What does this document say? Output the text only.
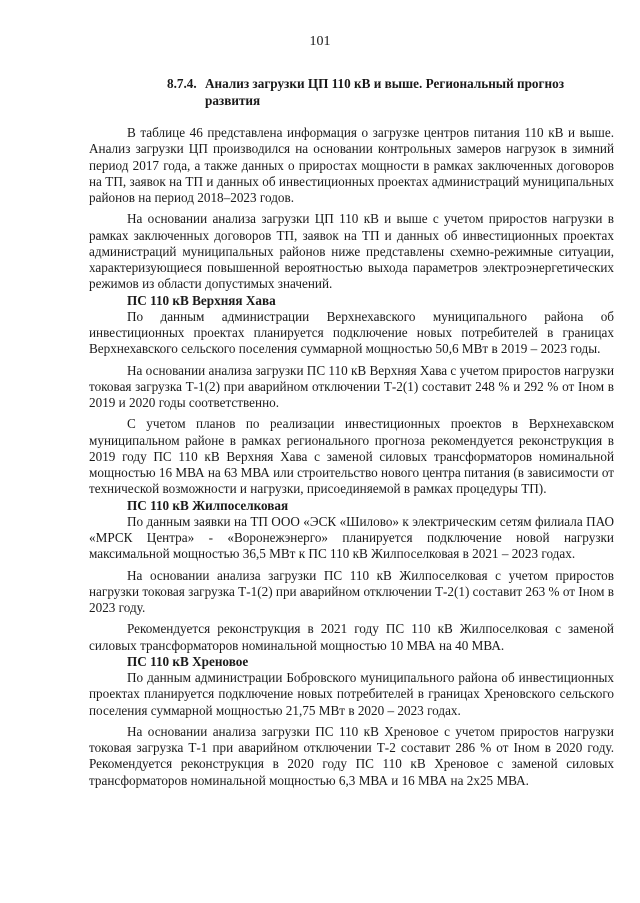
101
8.7.4. Анализ загрузки ЦП 110 кВ и выше. Региональный прогноз
развития

В таблице 46 представлена информация о загрузке центров питания 110 кВ и выше. Анализ загрузки ЦП производился на основании контрольных замеров нагрузок в зимний период 2017 года, а также данных о приростах мощности в рамках заключенных договоров на ТП, заявок на ТП и данных об инвестиционных проектах администраций муниципальных районов на период 2018–2023 годов.

На основании анализа загрузки ЦП 110 кВ и выше с учетом приростов нагрузки в рамках заключенных договоров ТП, заявок на ТП и данных об инвестиционных проектах администраций муниципальных районов ниже представлены схемно-режимные ситуации, характеризующиеся повышенной вероятностью выхода параметров электроэнергетических режимов из области допустимых значений.

ПС 110 кВ Верхняя Хава

По данным администрации Верхнехавского муниципального района об инвестиционных проектах планируется подключение новых потребителей в границах Верхнехавского сельского поселения суммарной мощностью 50,6 МВт в 2019 – 2023 годы.

На основании анализа загрузки ПС 110 кВ Верхняя Хава с учетом приростов нагрузки токовая загрузка Т-1(2) при аварийном отключении Т-2(1) составит 248 % и 292 % от Iном в 2019 и 2020 годы соответственно.

С учетом планов по реализации инвестиционных проектов в Верхнехавском муниципальном районе в рамках регионального прогноза рекомендуется реконструкция в 2019 году ПС 110 кВ Верхняя Хава с заменой силовых трансформаторов номинальной мощностью 16 МВА на 63 МВА или строительство нового центра питания (в зависимости от технической возможности и нагрузки, присоединяемой в рамках процедуры ТП).

ПС 110 кВ Жилпоселковая

По данным заявки на ТП ООО «ЭСК «Шилово» к электрическим сетям филиала ПАО «МРСК Центра» - «Воронежэнерго» планируется подключение новой нагрузки максимальной мощностью 36,5 МВт к ПС 110 кВ Жилпоселковая в 2021 – 2023 годах.

На основании анализа загрузки ПС 110 кВ Жилпоселковая с учетом приростов нагрузки токовая загрузка Т-1(2) при аварийном отключении Т-2(1) составит 263 % от Iном в 2023 году.

Рекомендуется реконструкция в 2021 году ПС 110 кВ Жилпоселковая с заменой силовых трансформаторов номинальной мощностью 10 МВА на 40 МВА.

ПС 110 кВ Хреновое

По данным администрации Бобровского муниципального района об инвестиционных проектах планируется подключение новых потребителей в границах Хреновского сельского поселения суммарной мощностью 21,75 МВт в 2020 – 2023 годах.

На основании анализа загрузки ПС 110 кВ Хреновое с учетом приростов нагрузки токовая загрузка Т-1 при аварийном отключении Т-2 составит 286 % от Iном в 2020 году. Рекомендуется реконструкция в 2020 году ПС 110 кВ Хреновое с заменой силовых трансформаторов номинальной мощностью 6,3 МВА и 16 МВА на 2х25 МВА.
